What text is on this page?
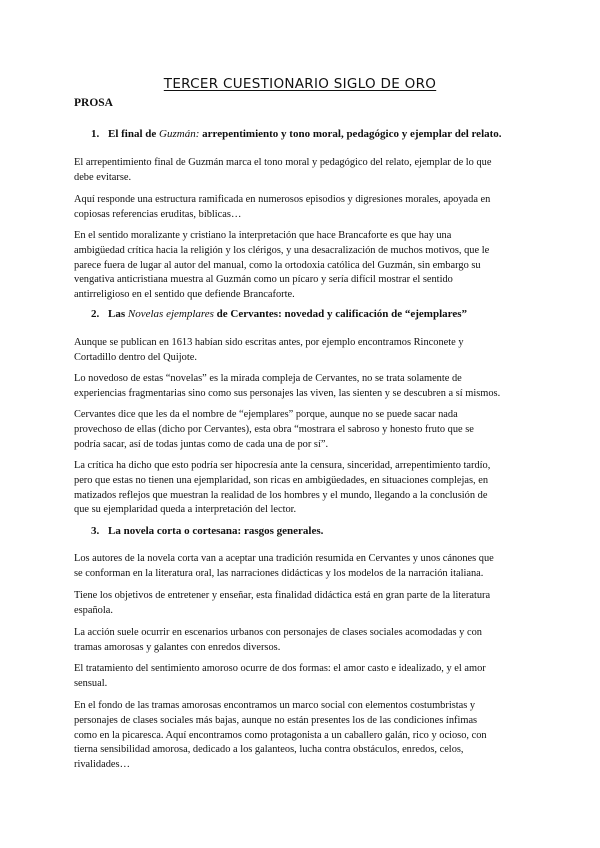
TERCER CUESTIONARIO SIGLO DE ORO
PROSA
1. El final de Guzmán: arrepentimiento y tono moral, pedagógico y ejemplar del relato.
El arrepentimiento final de Guzmán marca el tono moral y pedagógico del relato, ejemplar de lo que
debe evitarse.
Aquí responde una estructura ramificada en numerosos episodios y digresiones morales, apoyada en
copiosas referencias eruditas, bíblicas…
En el sentido moralizante y cristiano la interpretación que hace Brancaforte es que hay una
ambigüedad crítica hacia la religión y los clérigos, y una desacralización de muchos motivos, que le
parece fuera de lugar al autor del manual, como la ortodoxia católica del Guzmán, sin embargo su
vengativa anticristiana muestra al Guzmán como un pícaro y sería difícil mostrar el sentido
antirreligioso en el sentido que defiende Brancaforte.
2. Las Novelas ejemplares de Cervantes: novedad y calificación de “ejemplares”
Aunque se publican en 1613 habían sido escritas antes, por ejemplo encontramos Rinconete y
Cortadillo dentro del Quijote.
Lo novedoso de estas “novelas” es la mirada compleja de Cervantes, no se trata solamente de
experiencias fragmentarias sino como sus personajes las viven, las sienten y se descubren a sí mismos.
Cervantes dice que les da el nombre de “ejemplares” porque, aunque no se puede sacar nada
provechoso de ellas (dicho por Cervantes), esta obra “mostrara el sabroso y honesto fruto que se
podría sacar, así de todas juntas como de cada una de por sí”.
La crítica ha dicho que esto podría ser hipocresía ante la censura, sinceridad, arrepentimiento tardío,
pero que estas no tienen una ejemplaridad, son ricas en ambigüedades, en situaciones complejas, en
matizados reflejos que muestran la realidad de los hombres y el mundo, llegando a la conclusión de
que su ejemplaridad queda a interpretación del lector.
3. La novela corta o cortesana: rasgos generales.
Los autores de la novela corta van a aceptar una tradición resumida en Cervantes y unos cánones que
se conforman en la literatura oral, las narraciones didácticas y los modelos de la narración italiana.
Tiene los objetivos de entretener y enseñar, esta finalidad didáctica está en gran parte de la literatura
española.
La acción suele ocurrir en escenarios urbanos con personajes de clases sociales acomodadas y con
tramas amorosas y galantes con enredos diversos.
El tratamiento del sentimiento amoroso ocurre de dos formas: el amor casto e idealizado, y el amor
sensual.
En el fondo de las tramas amorosas encontramos un marco social con elementos costumbristas y
personajes de clases sociales más bajas, aunque no están presentes los de las condiciones ínfimas
como en la picaresca. Aquí encontramos como protagonista a un caballero galán, rico y ocioso, con
tierna sensibilidad amorosa, dedicado a los galanteos, lucha contra obstáculos, enredos, celos,
rivalidades…
